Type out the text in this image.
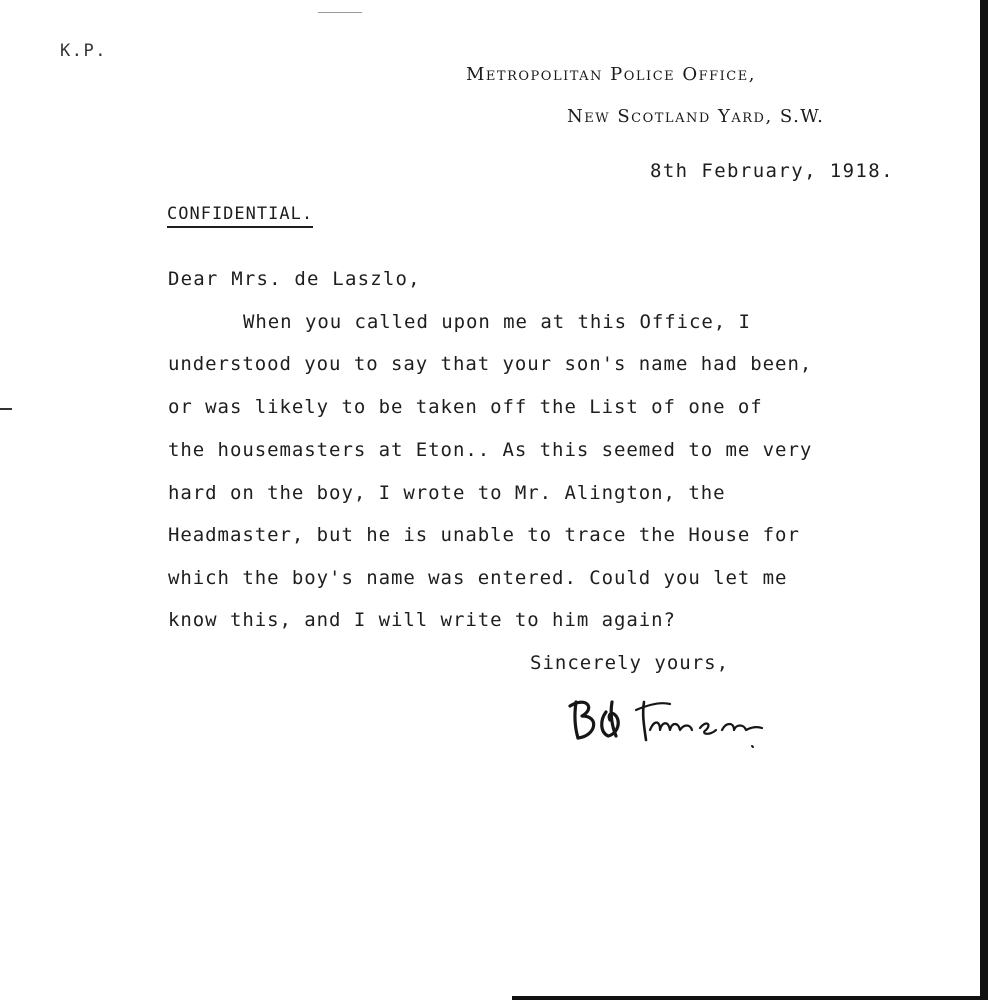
K.P.
Metropolitan Police Office,
New Scotland Yard, S.W.
8th February, 1918.
CONFIDENTIAL.
Dear Mrs. de Laszlo,
When you called upon me at this Office, I
understood you to say that your son's name had been,
or was likely to be taken off the List of one of
the housemasters at Eton.. As this seemed to me very
hard on the boy, I wrote to Mr. Alington, the
Headmaster, but he is unable to trace the House for
which the boy's name was entered. Could you let me
know this, and I will write to him again?
Sincerely yours,
